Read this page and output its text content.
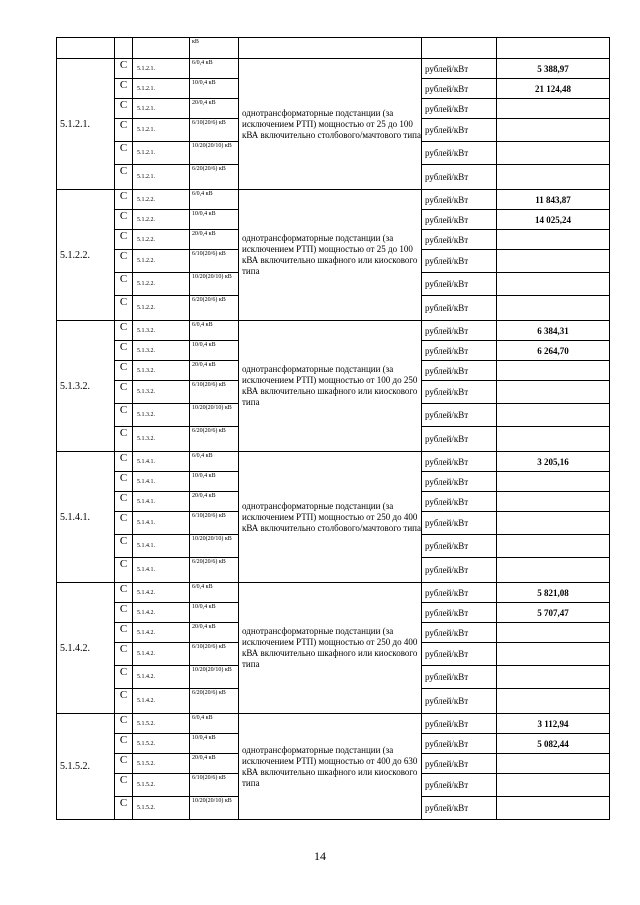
			кВ			
5.1.2.1.	С	5.1.2.1.	6/0,4 кВ	однотрансформаторные подстанции (за исключением РТП) мощностью от 25 до 100 кВА включительно столбового/мачтового типа	рублей/кВт	5 388,97
	С	5.1.2.1.	10/0,4 кВ		рублей/кВт	21 124,48
	С	5.1.2.1.	20/0,4 кВ		рублей/кВт	
	С	5.1.2.1.	6/10(20/6) кВ		рублей/кВт	
	С	5.1.2.1.	10/20(20/10) кВ		рублей/кВт	
	С	5.1.2.1.	6/20(20/6) кВ		рублей/кВт	
5.1.2.2.	С	5.1.2.2.	6/0,4 кВ	однотрансформаторные подстанции (за исключением РТП) мощностью от 25 до 100 кВА включительно шкафного или киоскового типа	рублей/кВт	11 843,87
	С	5.1.2.2.	10/0,4 кВ		рублей/кВт	14 025,24
	С	5.1.2.2.	20/0,4 кВ		рублей/кВт	
	С	5.1.2.2.	6/10(20/6) кВ		рублей/кВт	
	С	5.1.2.2.	10/20(20/10) кВ		рублей/кВт	
	С	5.1.2.2.	6/20(20/6) кВ		рублей/кВт	
5.1.3.2.	С	5.1.3.2.	6/0,4 кВ	однотрансформаторные подстанции (за исключением РТП) мощностью от 100 до 250 кВА включительно шкафного или киоскового типа	рублей/кВт	6 384,31
	С	5.1.3.2.	10/0,4 кВ		рублей/кВт	6 264,70
	С	5.1.3.2.	20/0,4 кВ		рублей/кВт	
	С	5.1.3.2.	6/10(20/6) кВ		рублей/кВт	
	С	5.1.3.2.	10/20(20/10) кВ		рублей/кВт	
	С	5.1.3.2.	6/20(20/6) кВ		рублей/кВт	
5.1.4.1.	С	5.1.4.1.	6/0,4 кВ	однотрансформаторные подстанции (за исключением РТП) мощностью от 250 до 400 кВА включительно столбового/мачтового типа	рублей/кВт	3 205,16
	С	5.1.4.1.	10/0,4 кВ		рублей/кВт	
	С	5.1.4.1.	20/0,4 кВ		рублей/кВт	
	С	5.1.4.1.	6/10(20/6) кВ		рублей/кВт	
	С	5.1.4.1.	10/20(20/10) кВ		рублей/кВт	
	С	5.1.4.1.	6/20(20/6) кВ		рублей/кВт	
5.1.4.2.	С	5.1.4.2.	6/0,4 кВ	однотрансформаторные подстанции (за исключением РТП) мощностью от 250 до 400 кВА включительно шкафного или киоскового типа	рублей/кВт	5 821,08
	С	5.1.4.2.	10/0,4 кВ		рублей/кВт	5 707,47
	С	5.1.4.2.	20/0,4 кВ		рублей/кВт	
	С	5.1.4.2.	6/10(20/6) кВ		рублей/кВт	
	С	5.1.4.2.	10/20(20/10) кВ		рублей/кВт	
	С	5.1.4.2.	6/20(20/6) кВ		рублей/кВт	
5.1.5.2.	С	5.1.5.2.	6/0,4 кВ	однотрансформаторные подстанции (за исключением РТП) мощностью от 400 до 630 кВА включительно шкафного или киоскового типа	рублей/кВт	3 112,94
	С	5.1.5.2.	10/0,4 кВ		рублей/кВт	5 082,44
	С	5.1.5.2.	20/0,4 кВ		рублей/кВт	
	С	5.1.5.2.	6/10(20/6) кВ		рублей/кВт	
	С	5.1.5.2.	10/20(20/10) кВ		рублей/кВт	
14
